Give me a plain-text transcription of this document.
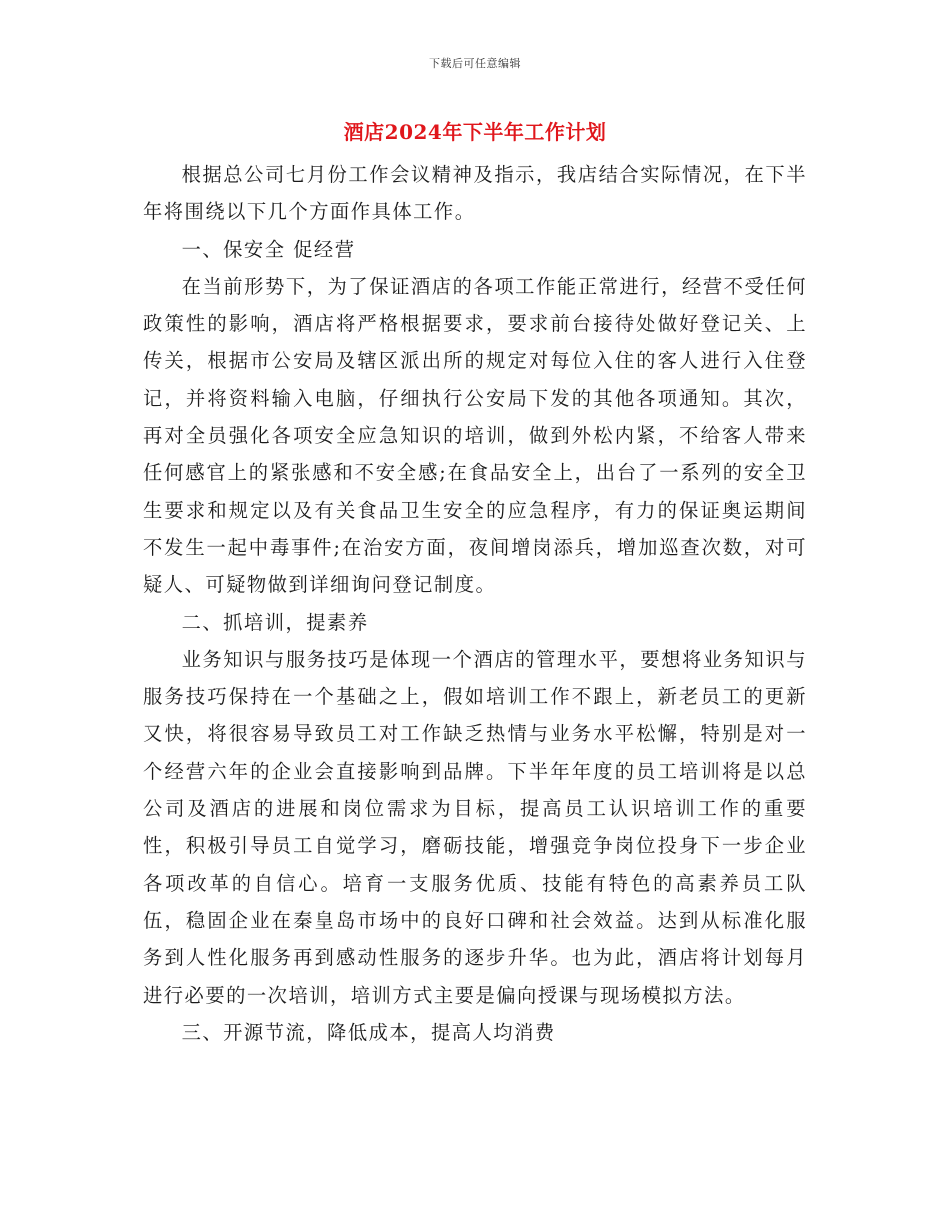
下载后可任意编辑
酒店2024年下半年工作计划

根据总公司七月份工作会议精神及指示，我店结合实际情况，在下半年将围绕以下几个方面作具体工作。

一、保安全 促经营

在当前形势下，为了保证酒店的各项工作能正常进行，经营不受任何政策性的影响，酒店将严格根据要求，要求前台接待处做好登记关、上传关，根据市公安局及辖区派出所的规定对每位入住的客人进行入住登记，并将资料输入电脑，仔细执行公安局下发的其他各项通知。其次，再对全员强化各项安全应急知识的培训，做到外松内紧，不给客人带来任何感官上的紧张感和不安全感;在食品安全上，出台了一系列的安全卫生要求和规定以及有关食品卫生安全的应急程序，有力的保证奥运期间不发生一起中毒事件;在治安方面，夜间增岗添兵，增加巡查次数，对可疑人、可疑物做到详细询问登记制度。

二、抓培训，提素养

业务知识与服务技巧是体现一个酒店的管理水平，要想将业务知识与服务技巧保持在一个基础之上，假如培训工作不跟上，新老员工的更新又快，将很容易导致员工对工作缺乏热情与业务水平松懈，特别是对一个经营六年的企业会直接影响到品牌。下半年年度的员工培训将是以总公司及酒店的进展和岗位需求为目标，提高员工认识培训工作的重要性，积极引导员工自觉学习，磨砺技能，增强竞争岗位投身下一步企业各项改革的自信心。培育一支服务优质、技能有特色的高素养员工队伍，稳固企业在秦皇岛市场中的良好口碑和社会效益。达到从标准化服务到人性化服务再到感动性服务的逐步升华。也为此，酒店将计划每月进行必要的一次培训，培训方式主要是偏向授课与现场模拟方法。

三、开源节流，降低成本，提高人均消费
